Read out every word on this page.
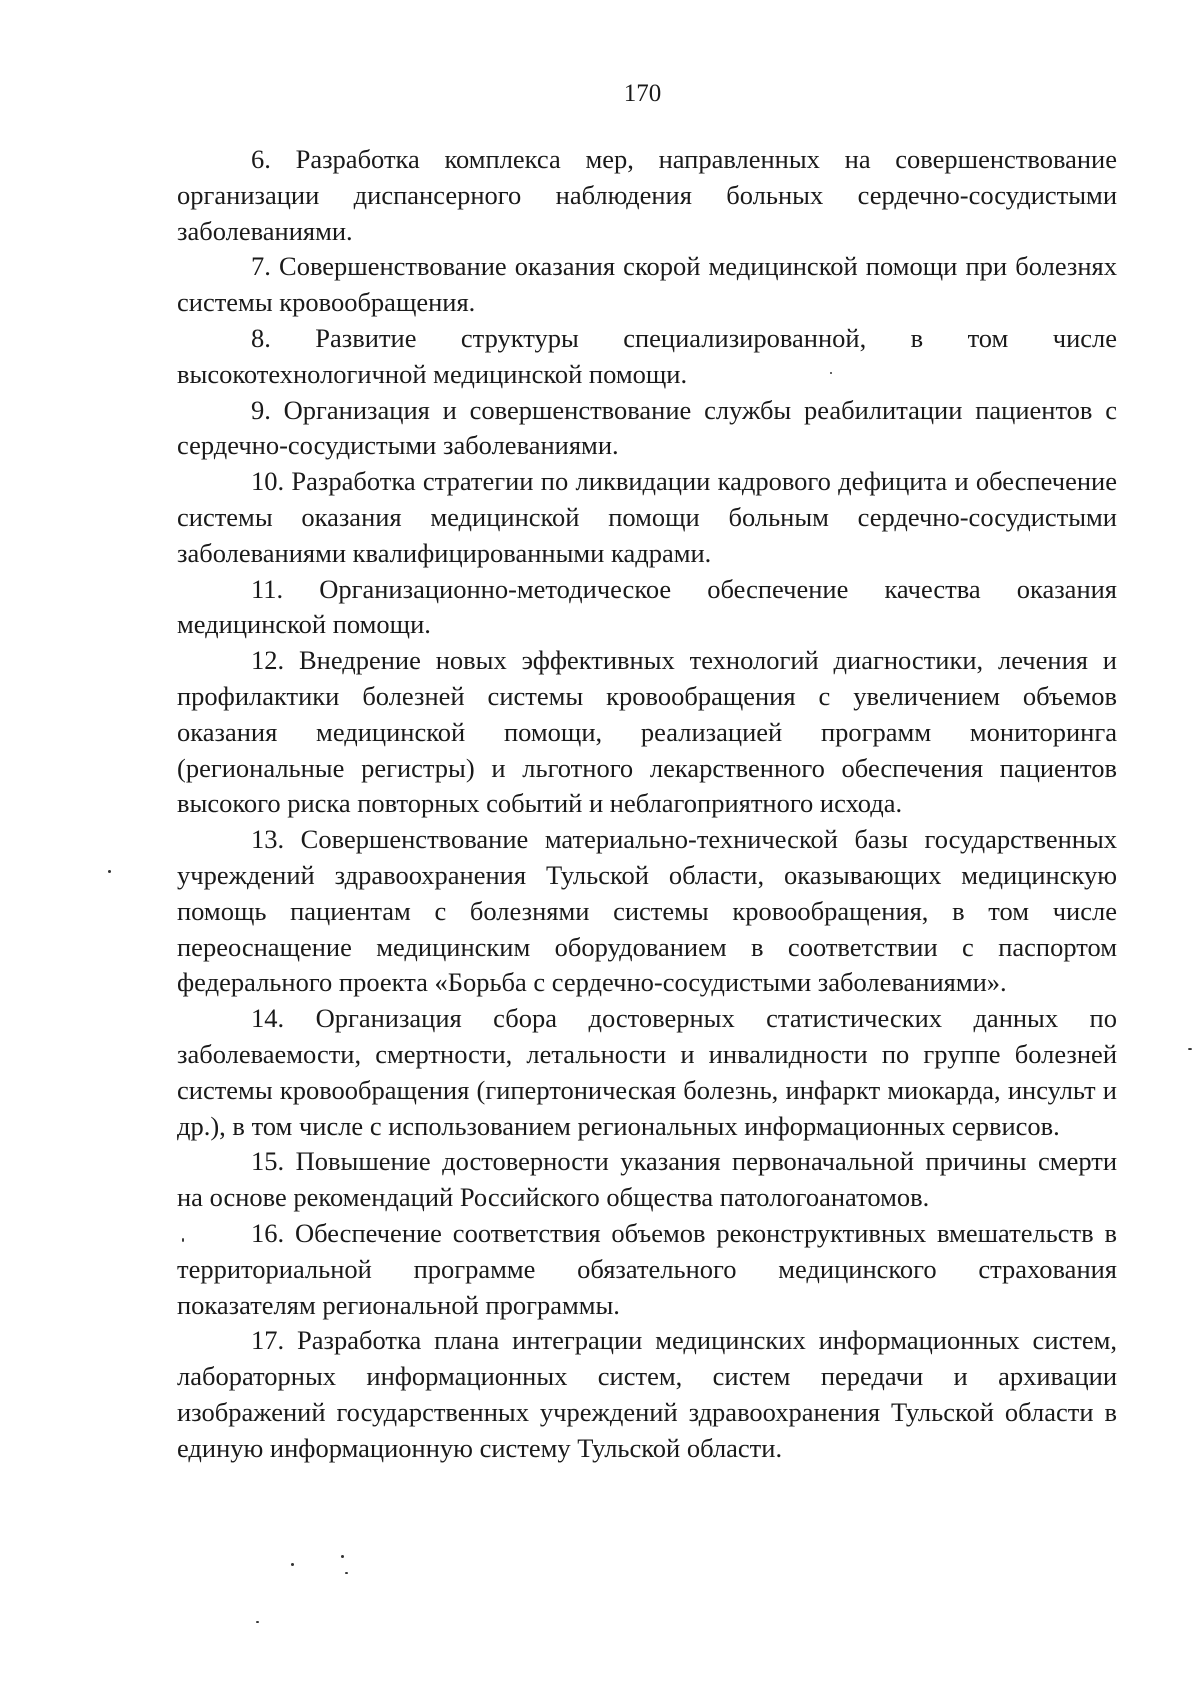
170

6. Разработка комплекса мер, направленных на совершенствование организации диспансерного наблюдения больных сердечно-сосудистыми заболеваниями.

7. Совершенствование оказания скорой медицинской помощи при болезнях системы кровообращения.

8. Развитие структуры специализированной, в том числе высокотехнологичной медицинской помощи.

9. Организация и совершенствование службы реабилитации пациентов с сердечно-сосудистыми заболеваниями.

10. Разработка стратегии по ликвидации кадрового дефицита и обеспечение системы оказания медицинской помощи больным сердечно-сосудистыми заболеваниями квалифицированными кадрами.

11. Организационно-методическое обеспечение качества оказания медицинской помощи.

12. Внедрение новых эффективных технологий диагностики, лечения и профилактики болезней системы кровообращения с увеличением объемов оказания медицинской помощи, реализацией программ мониторинга (региональные регистры) и льготного лекарственного обеспечения пациентов высокого риска повторных событий и неблагоприятного исхода.

13. Совершенствование материально-технической базы государственных учреждений здравоохранения Тульской области, оказывающих медицинскую помощь пациентам с болезнями системы кровообращения, в том числе переоснащение медицинским оборудованием в соответствии с паспортом федерального проекта «Борьба с сердечно-сосудистыми заболеваниями».

14. Организация сбора достоверных статистических данных по заболеваемости, смертности, летальности и инвалидности по группе болезней системы кровообращения (гипертоническая болезнь, инфаркт миокарда, инсульт и др.), в том числе с использованием региональных информационных сервисов.

15. Повышение достоверности указания первоначальной причины смерти на основе рекомендаций Российского общества патологоанатомов.

16. Обеспечение соответствия объемов реконструктивных вмешательств в территориальной программе обязательного медицинского страхования показателям региональной программы.

17. Разработка плана интеграции медицинских информационных систем, лабораторных информационных систем, систем передачи и архивации изображений государственных учреждений здравоохранения Тульской области в единую информационную систему Тульской области.
